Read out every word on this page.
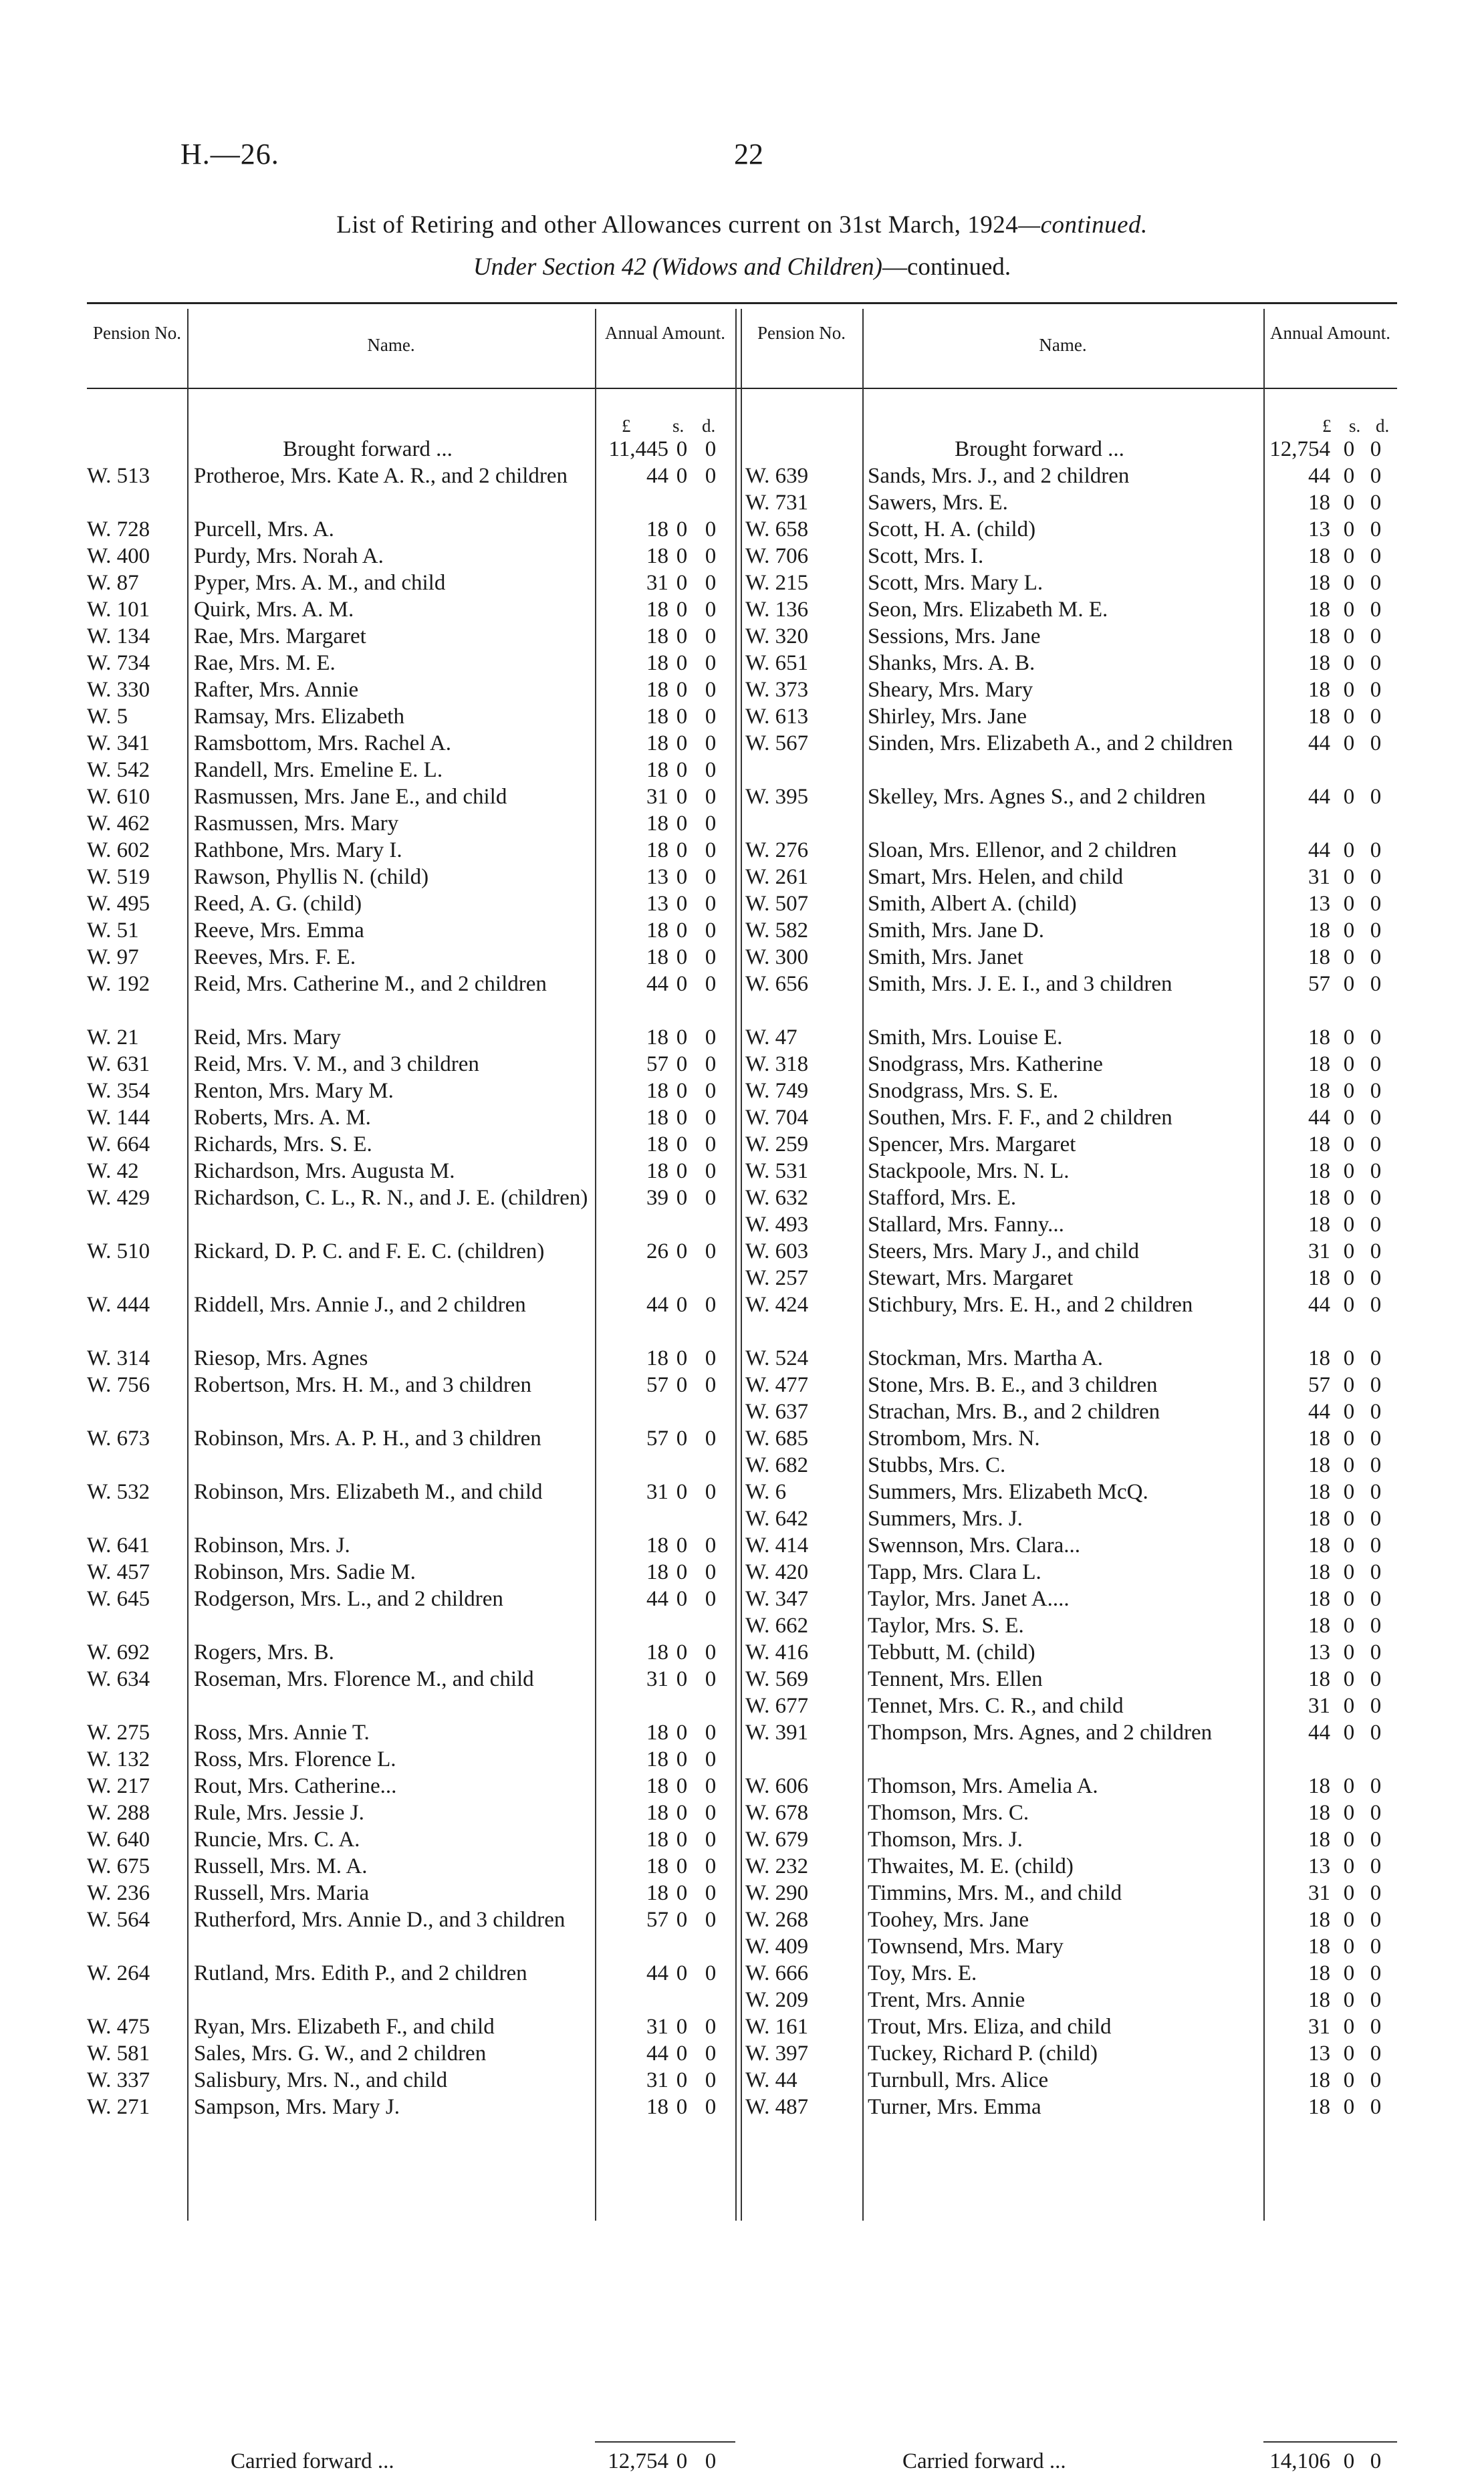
H.—26.	22
List of Retiring and other Allowances current on 31st March, 1924—continued.
Under Section 42 (Widows and Children)—continued.
Pension No.
Name.
Annual Amount.	Pension No.
Name.
Annual Amount.
£ s. d.	£ s. d.
Brought forward ...	11,445 0 0
W. 513 Protheroe, Mrs. Kate A. R., and 2 children	44 0 0
W. 728 Purcell, Mrs. A.	18 0 0
W. 400 Purdy, Mrs. Norah A.	18 0 0
W. 87 Pyper, Mrs. A. M., and child	31 0 0
W. 101 Quirk, Mrs. A. M.	18 0 0
W. 134 Rae, Mrs. Margaret	18 0 0
W. 734 Rae, Mrs. M. E.	18 0 0
W. 330 Rafter, Mrs. Annie	18 0 0
W. 5	Ramsay, Mrs. Elizabeth	18 0 0
W. 341 Ramsbottom, Mrs. Rachel A.	18 0 0
W. 542 Randell, Mrs. Emeline E. L.	18 0 0
W. 610 Rasmussen, Mrs. Jane E., and child	31 0 0
W. 462 Rasmussen, Mrs. Mary	18 0 0
W. 602 Rathbone, Mrs. Mary I.	18 0 0
W. 519 Rawson, Phyllis N. (child)	13 0 0
W. 495 Reed, A. G. (child)	13 0 0
W. 51 Reeve, Mrs. Emma	18 0 0
W. 97 Reeves, Mrs. F. E.	18 0 0
W. 192 Reid, Mrs. Catherine M., and 2 children	44 0 0
W. 21 Reid, Mrs. Mary	18 0 0
W. 631 Reid, Mrs. V. M., and 3 children	57 0 0
W. 354 Renton, Mrs. Mary M.	18 0 0
W. 144 Roberts, Mrs. A. M.	18 0 0
W. 664 Richards, Mrs. S. E.	18 0 0
W. 42 Richardson, Mrs. Augusta M.	18 0 0
W. 429 Richardson, C. L., R. N., and J. E. (children)	39 0 0
W. 510 Rickard, D. P. C. and F. E. C. (children)	26 0 0
W. 444 Riddell, Mrs. Annie J., and 2 children	44 0 0
W. 314 Riesop, Mrs. Agnes	18 0 0
W. 756 Robertson, Mrs. H. M., and 3 children	57 0 0
W. 673 Robinson, Mrs. A. P. H., and 3 children	57 0 0
W. 532 Robinson, Mrs. Elizabeth M., and child	31 0 0
W. 641 Robinson, Mrs. J.	18 0 0
W. 457 Robinson, Mrs. Sadie M.	18 0 0
W. 645 Rodgerson, Mrs. L., and 2 children	44 0 0
W. 692 Rogers, Mrs. B.	18 0 0
W. 634 Roseman, Mrs. Florence M., and child	31 0 0
W. 275 Ross, Mrs. Annie T.	18 0 0
W. 132 Ross, Mrs. Florence L.	18 0 0
W. 217 Rout, Mrs. Catherine...	18 0 0
W. 288 Rule, Mrs. Jessie J.	18 0 0
W. 640 Runcie, Mrs. C. A.	18 0 0
W. 675 Russell, Mrs. M. A.	18 0 0
W. 236 Russell, Mrs. Maria	18 0 0
W. 564 Rutherford, Mrs. Annie D., and 3 children	57 0 0
W. 264 Rutland, Mrs. Edith P., and 2 children	44 0 0
W. 475 Ryan, Mrs. Elizabeth F., and child	31 0 0
W. 581 Sales, Mrs. G. W., and 2 children	44 0 0
W. 337 Salisbury, Mrs. N., and child	31 0 0
W. 271 Sampson, Mrs. Mary J.	18 0 0
Brought forward ...	12,754 0 0
W. 639	Sands, Mrs. J., and 2 children	44 0 0
W. 731	Sawers, Mrs. E.	18 0 0
W. 658	Scott, H. A. (child)	13 0 0
W. 706	Scott, Mrs. I.	18 0 0
W. 215	Scott, Mrs. Mary L.	18 0 0
W. 136	Seon, Mrs. Elizabeth M. E.	18 0 0
W. 320	Sessions, Mrs. Jane	18 0 0
W. 651	Shanks, Mrs. A. B.	18 0 0
W. 373	Sheary, Mrs. Mary	18 0 0
W. 613	Shirley, Mrs. Jane	18 0 0
W. 567	Sinden, Mrs. Elizabeth A., and 2 children	44 0 0
W. 395	Skelley, Mrs. Agnes S., and 2 children	44 0 0
W. 276	Sloan, Mrs. Ellenor, and 2 children	44 0 0
W. 261	Smart, Mrs. Helen, and child	31 0 0
W. 507	Smith, Albert A. (child)	13 0 0
W. 582	Smith, Mrs. Jane D.	18 0 0
W. 300	Smith, Mrs. Janet	18 0 0
W. 656	Smith, Mrs. J. E. I., and 3 children	57 0 0
W. 47	Smith, Mrs. Louise E.	18 0 0
W. 318	Snodgrass, Mrs. Katherine	18 0 0
W. 749	Snodgrass, Mrs. S. E.	18 0 0
W. 704	Southen, Mrs. F. F., and 2 children	44 0 0
W. 259	Spencer, Mrs. Margaret	18 0 0
W. 531	Stackpoole, Mrs. N. L.	18 0 0
W. 632	Stafford, Mrs. E.	18 0 0
W. 493	Stallard, Mrs. Fanny...	18 0 0
W. 603	Steers, Mrs. Mary J., and child	31 0 0
W. 257	Stewart, Mrs. Margaret	18 0 0
W. 424	Stichbury, Mrs. E. H., and 2 children	44 0 0
W. 524	Stockman, Mrs. Martha A.	18 0 0
W. 477	Stone, Mrs. B. E., and 3 children	57 0 0
W. 637	Strachan, Mrs. B., and 2 children	44 0 0
W. 685	Strombom, Mrs. N.	18 0 0
W. 682	Stubbs, Mrs. C.	18 0 0
W. 6	Summers, Mrs. Elizabeth McQ.	18 0 0
W. 642	Summers, Mrs. J.	18 0 0
W. 414	Swennson, Mrs. Clara...	18 0 0
W. 420	Tapp, Mrs. Clara L.	18 0 0
W. 347	Taylor, Mrs. Janet A....	18 0 0
W. 662	Taylor, Mrs. S. E.	18 0 0
W. 416	Tebbutt, M. (child)	13 0 0
W. 569	Tennent, Mrs. Ellen	18 0 0
W. 677	Tennet, Mrs. C. R., and child	31 0 0
W. 391	Thompson, Mrs. Agnes, and 2 children	44 0 0
W. 606	Thomson, Mrs. Amelia A.	18 0 0
W. 678	Thomson, Mrs. C.	18 0 0
W. 679	Thomson, Mrs. J.	18 0 0
W. 232	Thwaites, M. E. (child)	13 0 0
W. 290	Timmins, Mrs. M., and child	31 0 0
W. 268	Toohey, Mrs. Jane	18 0 0
W. 409	Townsend, Mrs. Mary	18 0 0
W. 666	Toy, Mrs. E.	18 0 0
W. 209	Trent, Mrs. Annie	18 0 0
W. 161	Trout, Mrs. Eliza, and child	31 0 0
W. 397	Tuckey, Richard P. (child)	13 0 0
W. 44	Turnbull, Mrs. Alice	18 0 0
W. 487	Turner, Mrs. Emma	18 0 0
Carried forward ...	12,754 0 0	Carried forward ...	14,106 0 0
